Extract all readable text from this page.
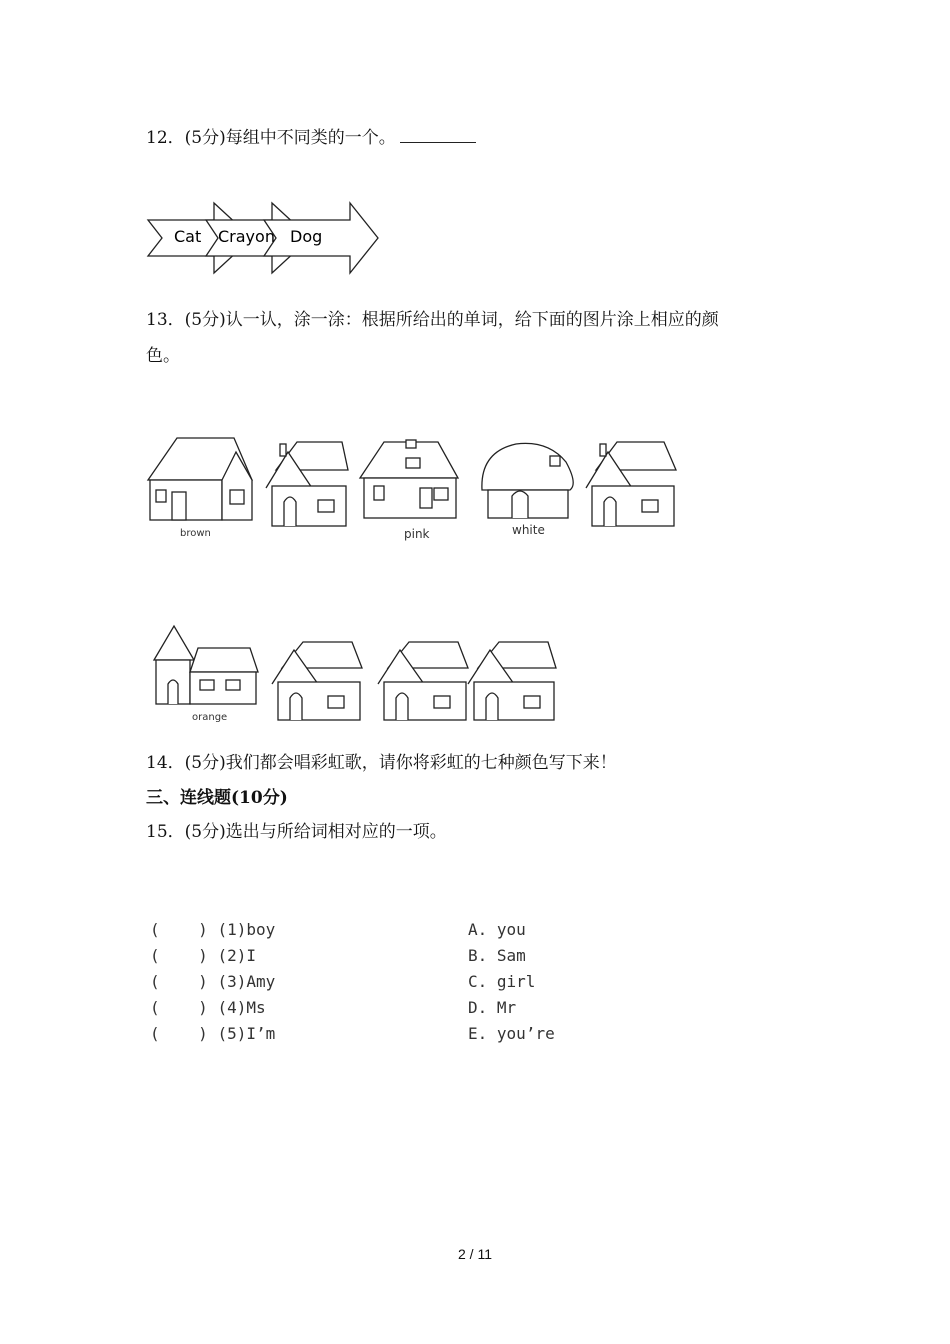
12．(5分)每组中不同类的一个。
Cat Crayon Dog
13．(5分)认一认，涂一涂：根据所给出的单词，给下面的图片涂上相应的颜
色。
brown	pink	white
orange
14．(5分)我们都会唱彩虹歌，请你将彩虹的七种颜色写下来！
三、连线题(10分)
15．(5分)选出与所给词相对应的一项。
(    ) (1)boy
(    ) (2)I
(    ) (3)Amy
(    ) (4)Ms
(    ) (5)I’m
A. you
B. Sam
C. girl
D. Mr
E. you’re
2 / 11
